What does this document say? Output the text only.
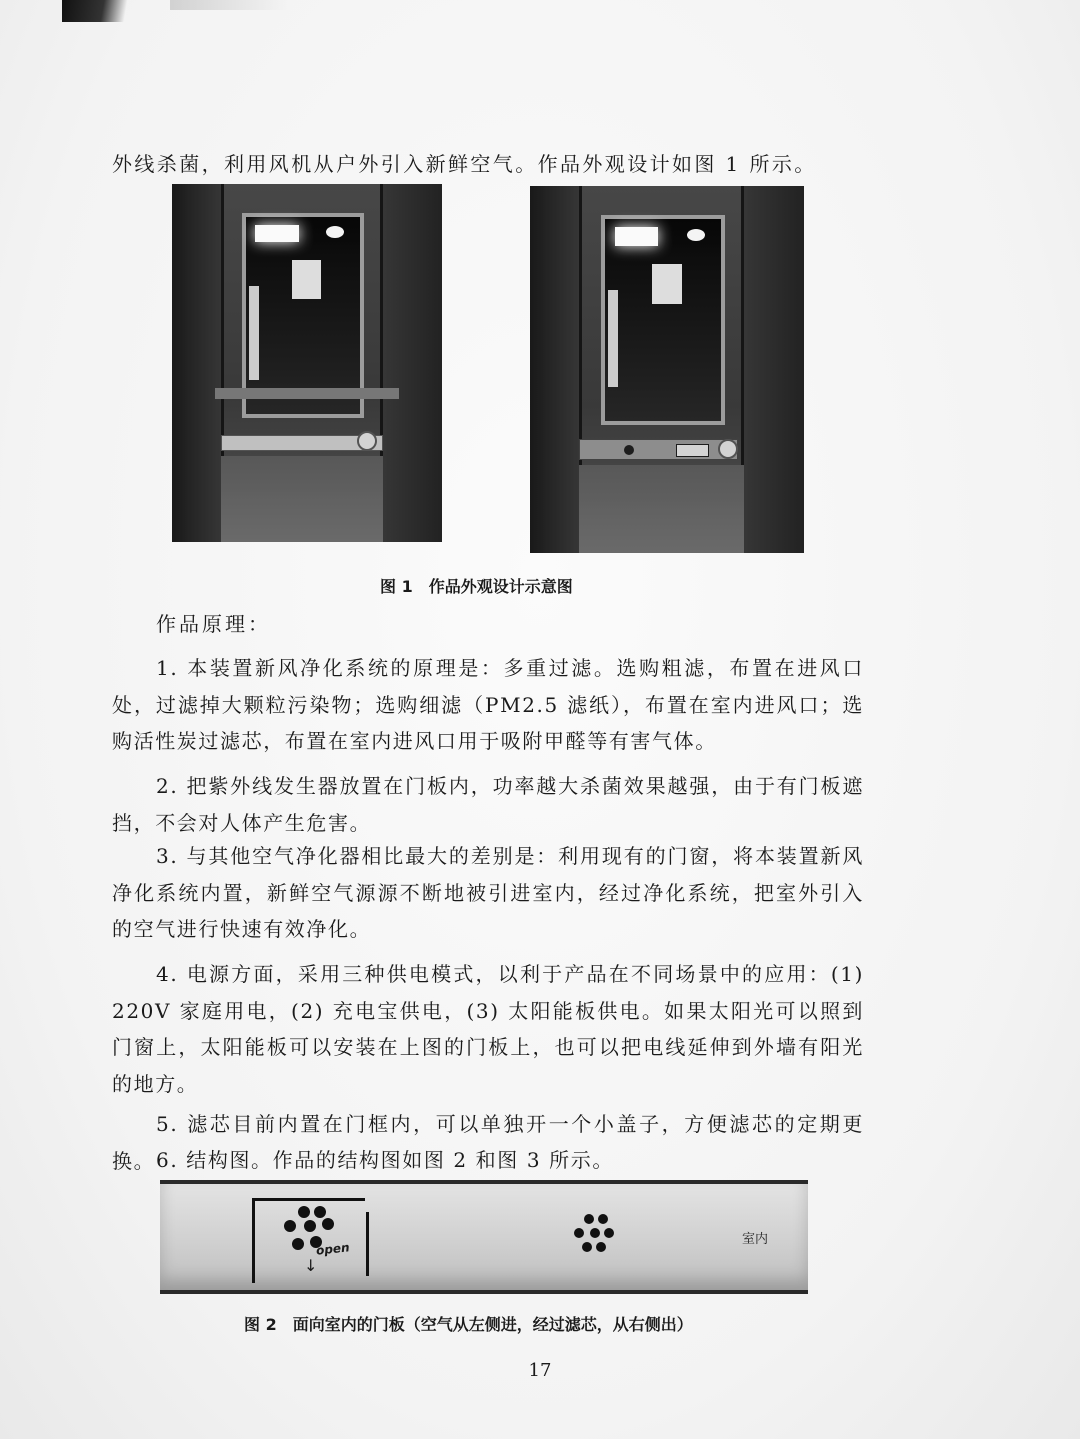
外线杀菌，利用风机从户外引入新鲜空气。作品外观设计如图 1 所示。
图 1 作品外观设计示意图
作品原理：
1. 本装置新风净化系统的原理是：多重过滤。选购粗滤，布置在进风口处，过滤掉大颗粒污染物；选购细滤（PM2.5 滤纸），布置在室内进风口；选购活性炭过滤芯，布置在室内进风口用于吸附甲醛等有害气体。
2. 把紫外线发生器放置在门板内，功率越大杀菌效果越强，由于有门板遮挡，不会对人体产生危害。
3. 与其他空气净化器相比最大的差别是：利用现有的门窗，将本装置新风净化系统内置，新鲜空气源源不断地被引进室内，经过净化系统，把室外引入的空气进行快速有效净化。
4. 电源方面，采用三种供电模式，以利于产品在不同场景中的应用：(1) 220V 家庭用电，(2) 充电宝供电，(3) 太阳能板供电。如果太阳光可以照到门窗上，太阳能板可以安装在上图的门板上，也可以把电线延伸到外墙有阳光的地方。
5. 滤芯目前内置在门框内，可以单独开一个小盖子，方便滤芯的定期更换。 6. 结构图。作品的结构图如图 2 和图 3 所示。
open
↓
室内
图 2 面向室内的门板（空气从左侧进，经过滤芯，从右侧出）
17
